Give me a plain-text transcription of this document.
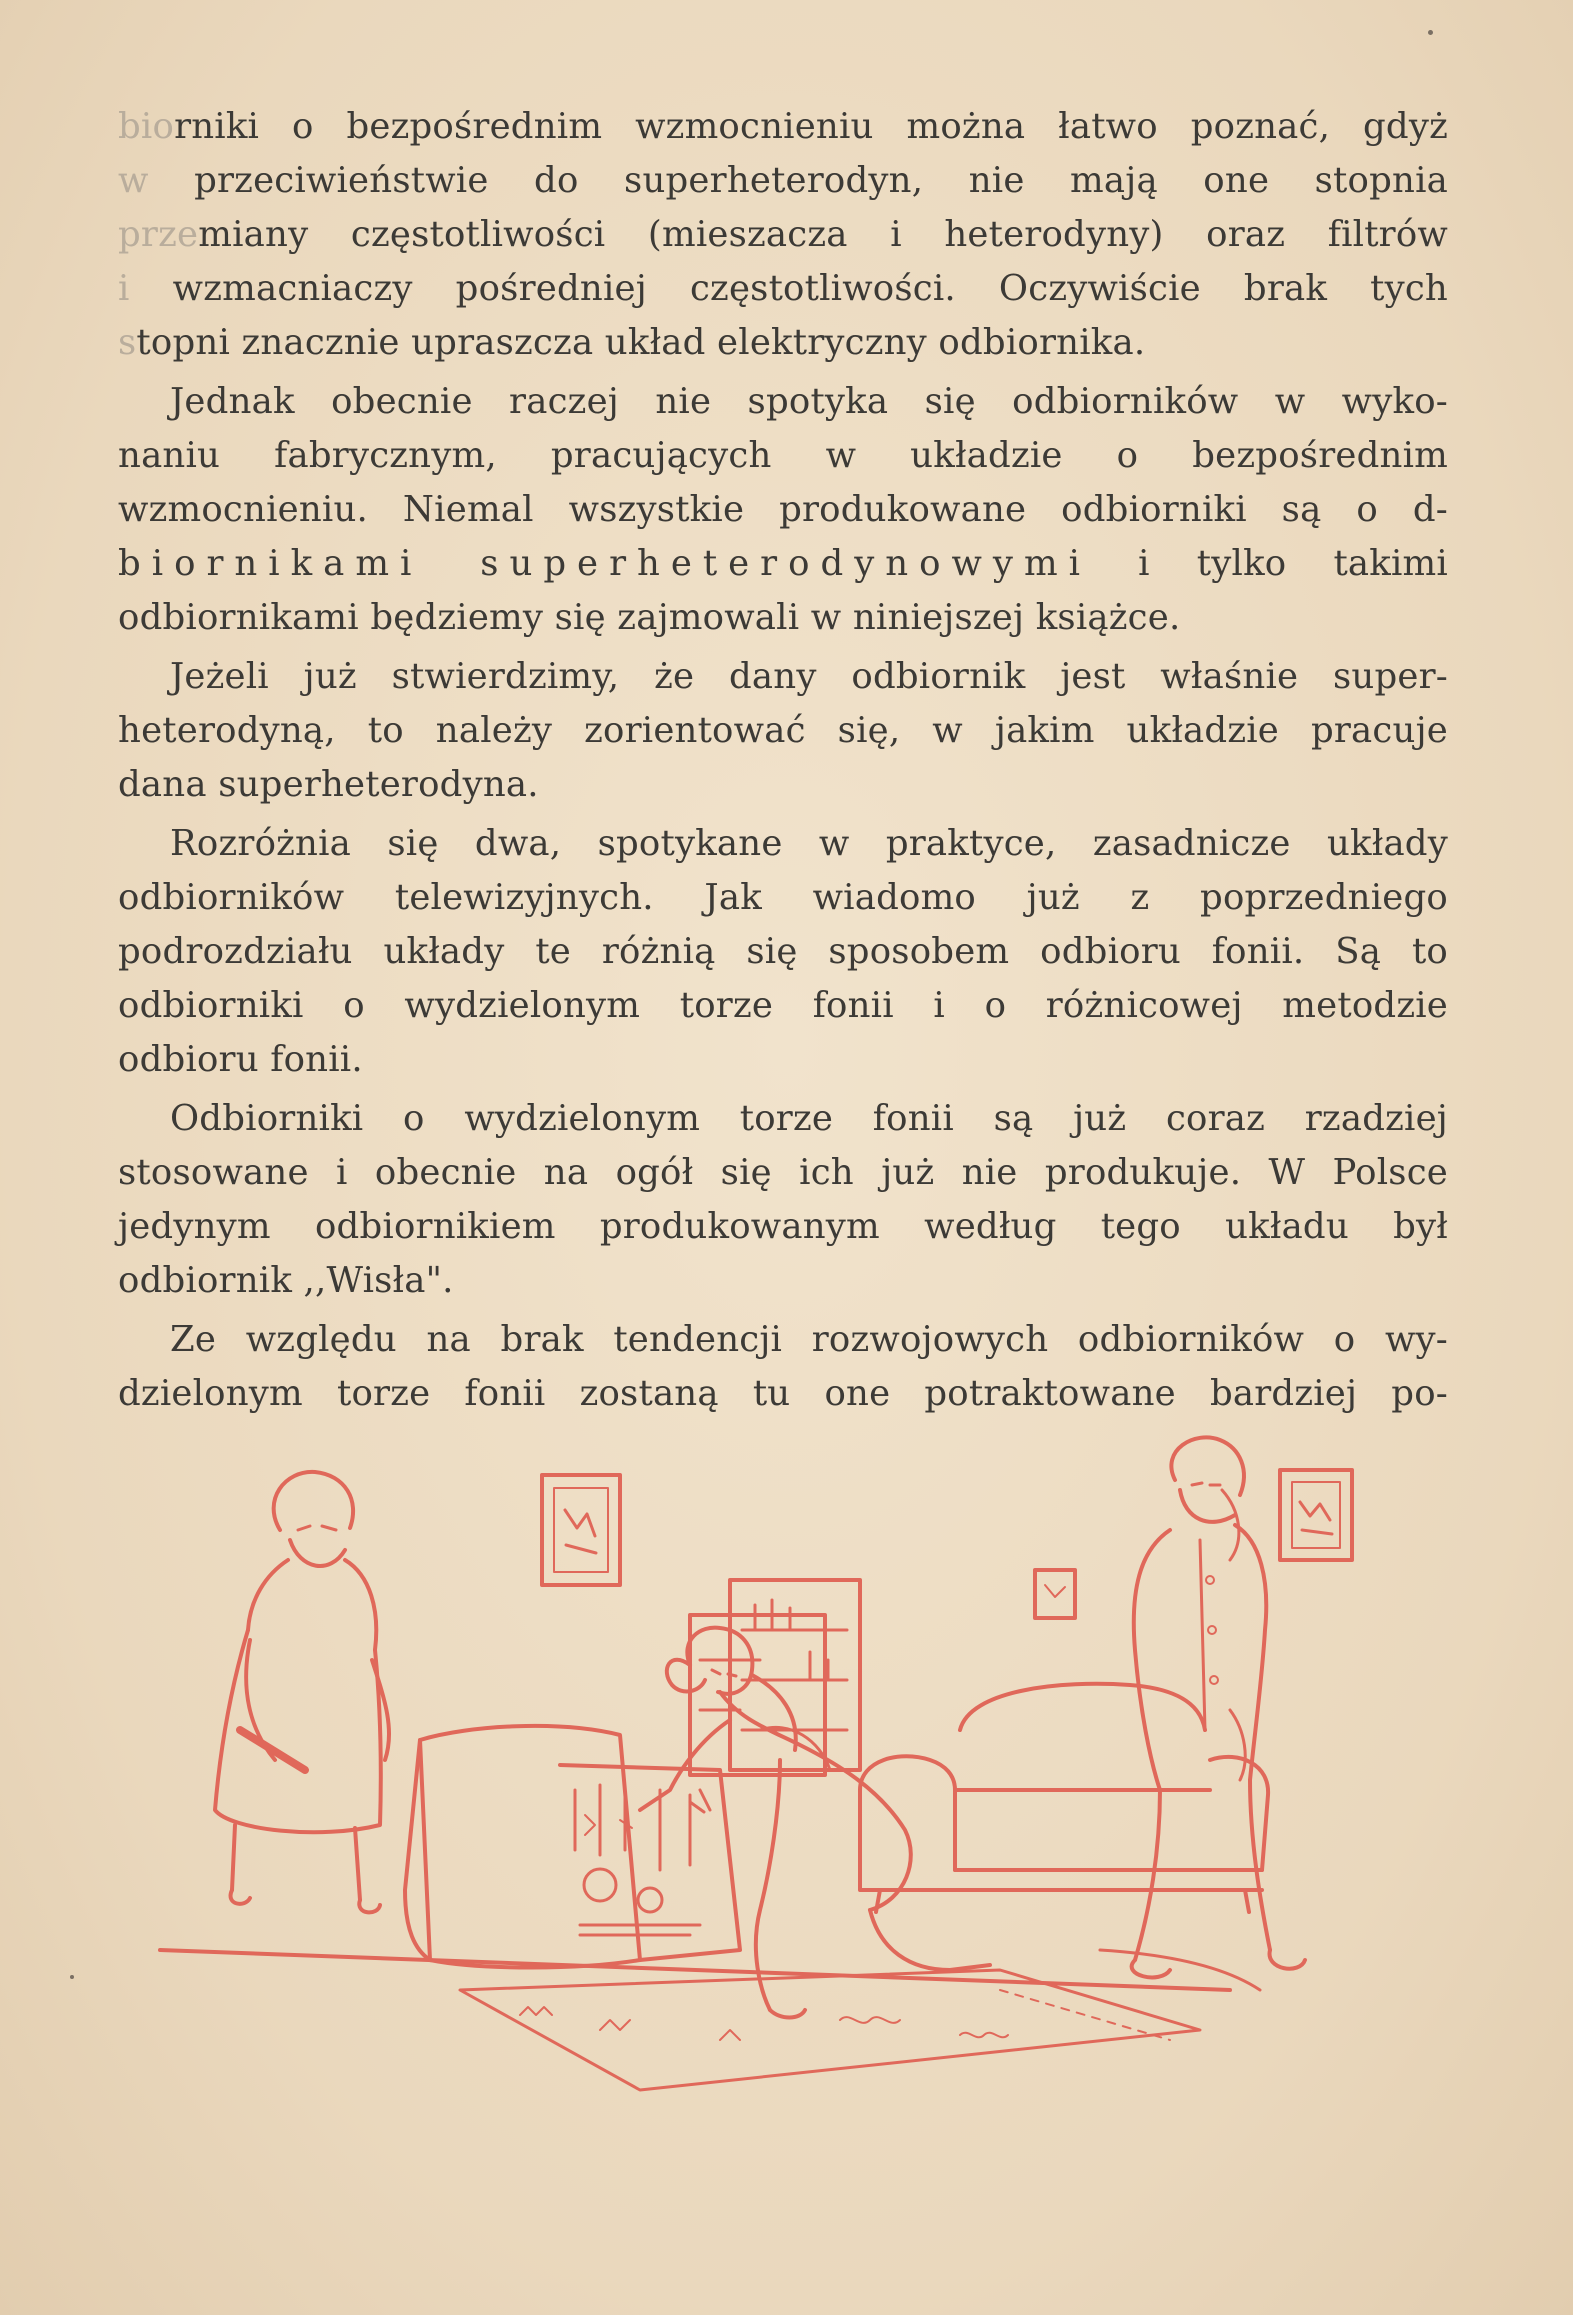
biorniki o bezpośrednim wzmocnieniu można łatwo poznać, gdyż
w przeciwieństwie do superheterodyn, nie mają one stopnia
przemiany częstotliwości (mieszacza i heterodyny) oraz filtrów
i wzmacniaczy pośredniej częstotliwości. Oczywiście brak tych
stopni znacznie upraszcza układ elektryczny odbiornika.

Jednak obecnie raczej nie spotyka się odbiorników w wyko-
naniu fabrycznym, pracujących w układzie o bezpośrednim
wzmocnieniu. Niemal wszystkie produkowane odbiorniki są o d-
biornikami superheterodynowymi i tylko takimi
odbiornikami będziemy się zajmowali w niniejszej książce.

Jeżeli już stwierdzimy, że dany odbiornik jest właśnie super-
heterodyną, to należy zorientować się, w jakim układzie pracuje
dana superheterodyna.

Rozróżnia się dwa, spotykane w praktyce, zasadnicze układy
odbiorników telewizyjnych. Jak wiadomo już z poprzedniego
podrozdziału układy te różnią się sposobem odbioru fonii. Są to
odbiorniki o wydzielonym torze fonii i o różnicowej metodzie
odbioru fonii.

Odbiorniki o wydzielonym torze fonii są już coraz rzadziej
stosowane i obecnie na ogół się ich już nie produkuje. W Polsce
jedynym odbiornikiem produkowanym według tego układu był
odbiornik ,,Wisła".

Ze względu na brak tendencji rozwojowych odbiorników o wy-
dzielonym torze fonii zostaną tu one potraktowane bardziej po-
